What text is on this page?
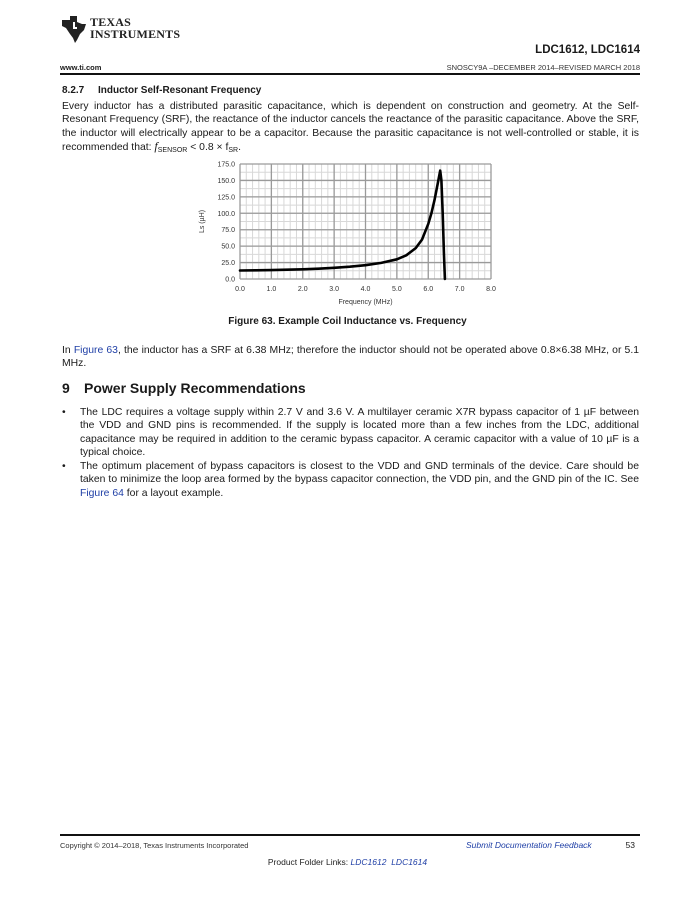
TEXAS
INSTRUMENTS
LDC1612, LDC1614
www.ti.com	SNOSCY9A –DECEMBER 2014–REVISED MARCH 2018
8.2.7 Inductor Self-Resonant Frequency
Every inductor has a distributed parasitic capacitance, which is dependent on construction and geometry. At the Self-Resonant Frequency (SRF), the reactance of the inductor cancels the reactance of the parasitic capacitance. Above the SRF, the inductor will electrically appear to be a capacitor. Because the parasitic capacitance is not well-controlled or stable, it is recommended that: $f_{SENSOR} < 0.8 \times f_{SR}$.
0.0	1.0	2.0	3.0	4.0	5.0	6.0	7.0	8.0
0.0
25.0
50.0
75.0
100.0
125.0
150.0
175.0
Frequency (MHz)
Ls (µH)
Figure 63. Example Coil Inductance vs. Frequency
In Figure 63, the inductor has a SRF at 6.38 MHz; therefore the inductor should not be operated above 0.8×6.38 MHz, or 5.1 MHz.
9 Power Supply Recommendations
• The LDC requires a voltage supply within 2.7 V and 3.6 V. A multilayer ceramic X7R bypass capacitor of 1 µF between the VDD and GND pins is recommended. If the supply is located more than a few inches from the LDC, additional capacitance may be required in addition to the ceramic bypass capacitor. A ceramic capacitor with a value of 10 µF is a typical choice.
• The optimum placement of bypass capacitors is closest to the VDD and GND terminals of the device. Care should be taken to minimize the loop area formed by the bypass capacitor connection, the VDD pin, and the GND pin of the IC. See Figure 64 for a layout example.
Copyright © 2014–2018, Texas Instruments Incorporated	Submit Documentation Feedback	53
Product Folder Links: LDC1612 LDC1614
